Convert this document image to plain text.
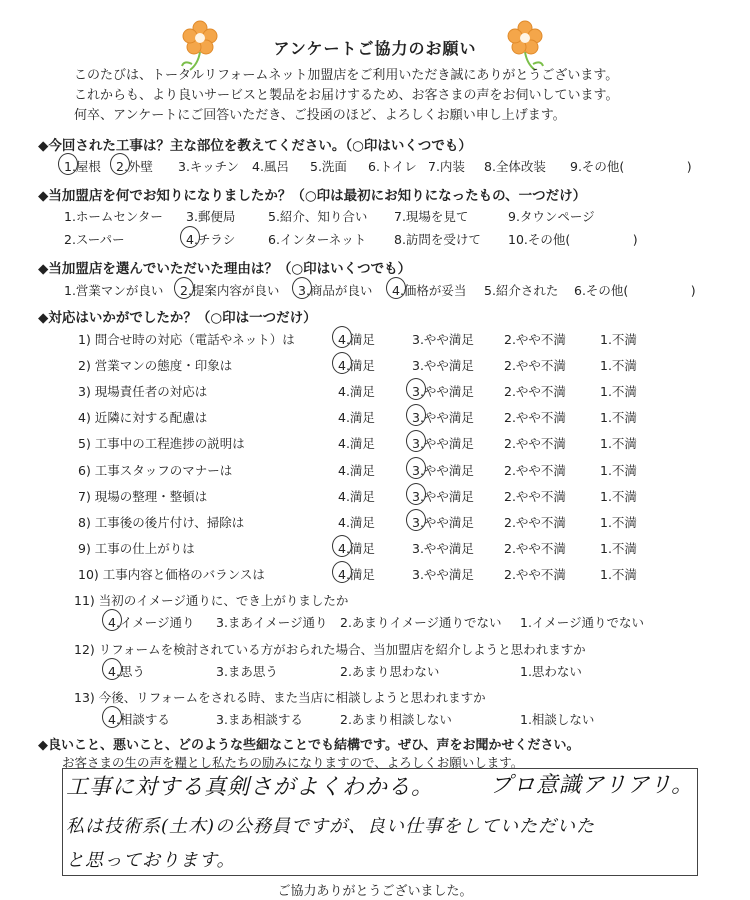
アンケートご協力のお願い
このたびは、トータルリフォームネット加盟店をご利用いただき誠にありがとうございます。
これからも、より良いサービスと製品をお届けするため、お客さまの声をお伺いしています。
何卒、アンケートにご回答いただき、ご投函のほど、よろしくお願い申し上げます。
◆今回された工事は？主な部位を教えてください。（○印はいくつでも）
1.屋根 2.外壁 3.キッチン 4.風呂 5.洗面 6.トイレ 7.内装 8.全体改装 9.その他(　　　　　)
◆当加盟店を何でお知りになりましたか？（○印は最初にお知りになったもの、一つだけ）
1.ホームセンター 3.郵便局	5.紹介、知り合い 7.現場を見て	9.タウンページ
2.スーパー	4.チラシ	6.インターネット 8.訪問を受けて 10.その他(　　　　　)
◆当加盟店を選んでいただいた理由は？（○印はいくつでも）
1.営業マンが良い 2.提案内容が良い 3.商品が良い 4.価格が妥当 5.紹介された 6.その他(　　　　　)
◆対応はいかがでしたか？（○印は一つだけ）
1) 問合せ時の対応（電話やネット）は	4.満足	3.やや満足 2.やや不満	1.不満
2) 営業マンの態度・印象は	4.満足	3.やや満足 2.やや不満	1.不満
3) 現場責任者の対応は	4.満足	3.やや満足 2.やや不満	1.不満
4) 近隣に対する配慮は	4.満足	3.やや満足 2.やや不満	1.不満
5) 工事中の工程進捗の説明は	4.満足	3.やや満足 2.やや不満	1.不満
6) 工事スタッフのマナーは	4.満足	3.やや満足 2.やや不満	1.不満
7) 現場の整理・整頓は	4.満足	3.やや満足 2.やや不満	1.不満
8) 工事後の後片付け、掃除は	4.満足	3.やや満足 2.やや不満	1.不満
9) 工事の仕上がりは	4.満足	3.やや満足 2.やや不満	1.不満
10) 工事内容と価格のバランスは	4.満足	3.やや満足 2.やや不満	1.不満
11) 当初のイメージ通りに、でき上がりましたか
4.イメージ通り 3.まあイメージ通り 2.あまりイメージ通りでない 1.イメージ通りでない
12) リフォームを検討されている方がおられた場合、当加盟店を紹介しようと思われますか
4.思う	3.まあ思う	2.あまり思わない	1.思わない
13) 今後、リフォームをされる時、また当店に相談しようと思われますか
4.相談する	3.まあ相談する	2.あまり相談しない	1.相談しない
◆良いこと、悪いこと、どのような些細なことでも結構です。ぜひ、声をお聞かせください。
お客さまの生の声を糧とし私たちの励みになりますので、よろしくお願いします。
工事に対する真剣さがよくわかる。	プロ意識アリアリ。
私は技術系(土木)の公務員ですが、良い仕事をしていただいた
と思っております。
ご協力ありがとうございました。
